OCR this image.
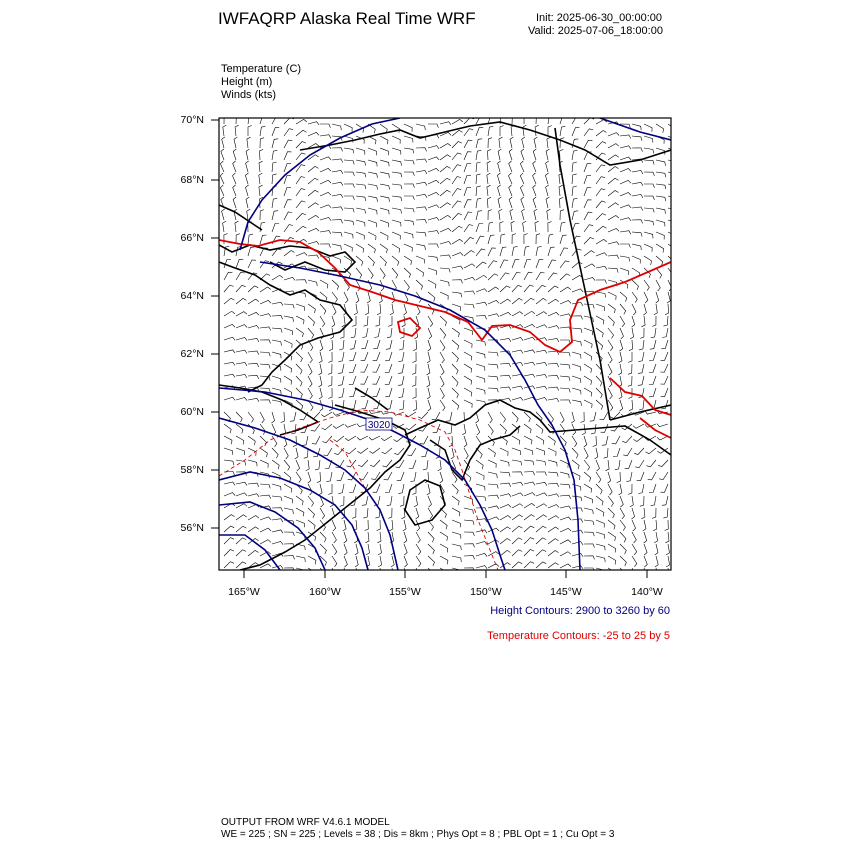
IWFAQRP Alaska Real Time WRF	Init: 2025-06-30_00:00:00
Valid: 2025-07-06_18:00:00
Temperature (C)
Height (m)
Winds (kts)
70°N
68°N
66°N
64°N
62°N
60°N
58°N
56°N
165°W	160°W	155°W	150°W	145°W	140°W
3020
Height Contours: 2900 to 3260 by 60
Temperature Contours: -25 to 25 by 5
OUTPUT FROM WRF V4.6.1 MODEL
WE = 225 ; SN = 225 ; Levels = 38 ; Dis = 8km ; Phys Opt = 8 ; PBL Opt = 1 ; Cu Opt = 3
